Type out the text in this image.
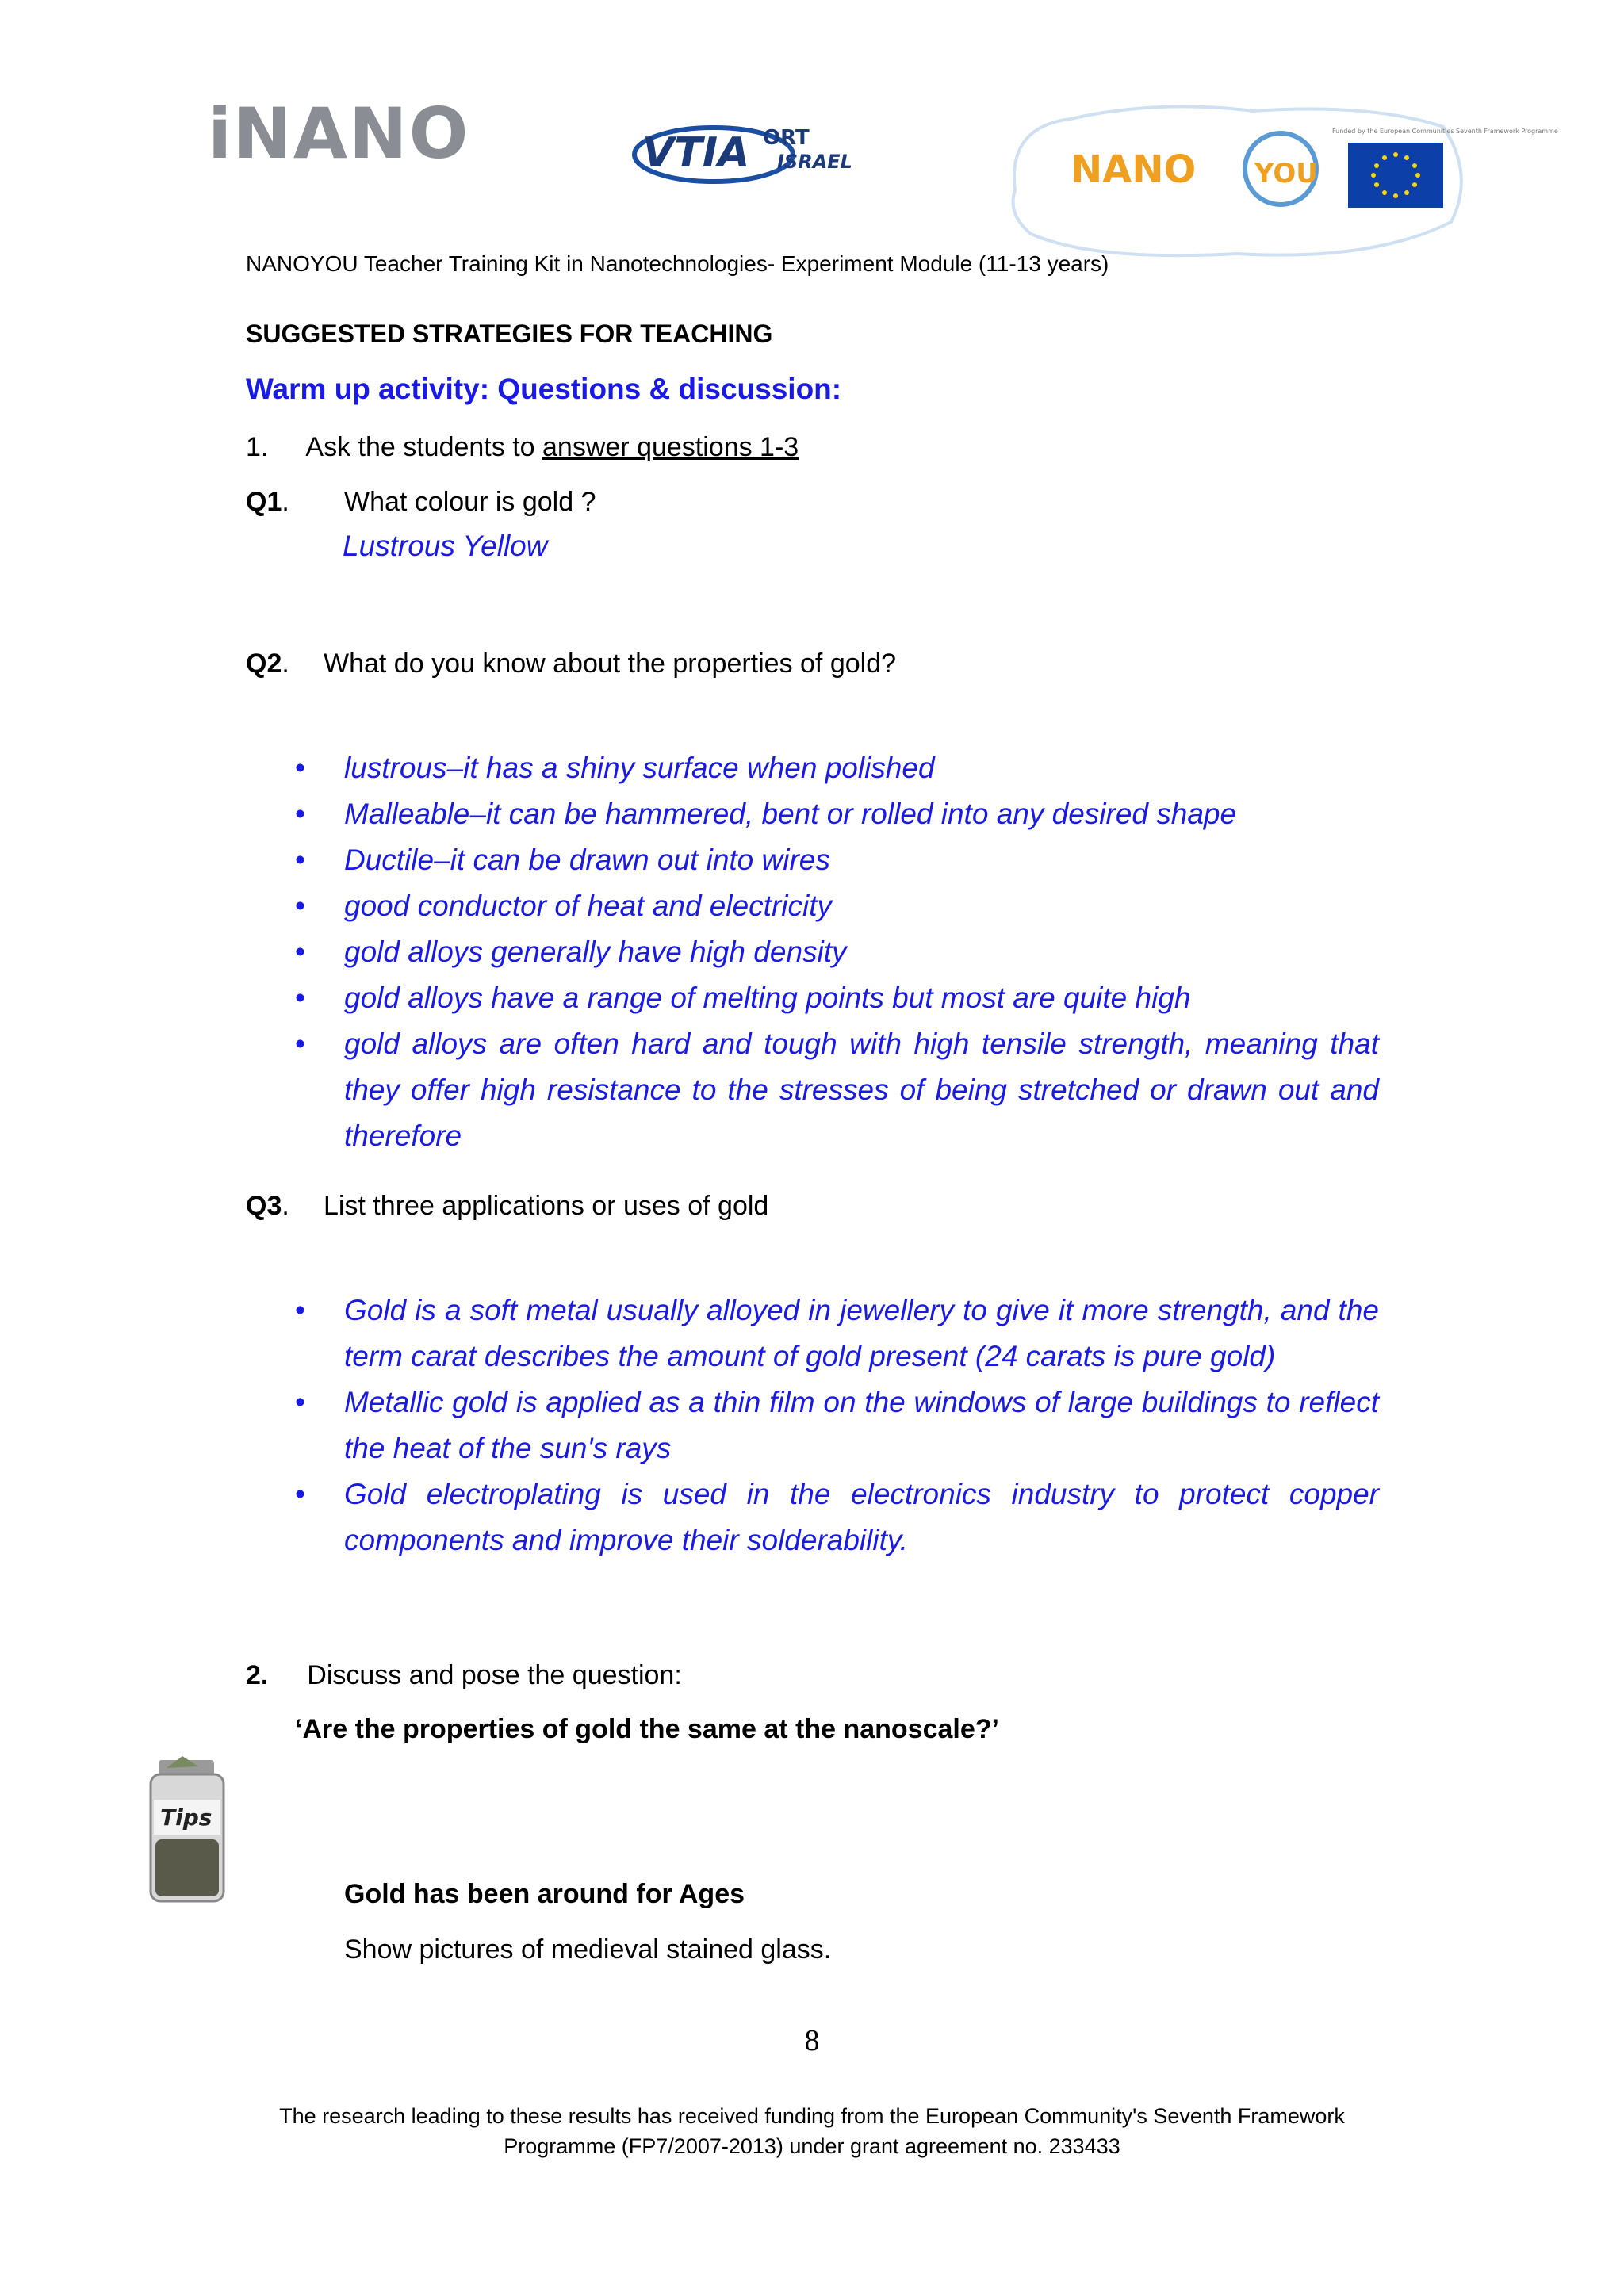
iNANO	VTIA ORT
ISRAEL	NANO YOU
Funded by the European Communities Seventh Framework Programme
NANOYOU Teacher Training Kit in Nanotechnologies- Experiment Module (11-13 years)
SUGGESTED STRATEGIES FOR TEACHING
Warm up activity: Questions & discussion:
1. Ask the students to answer questions 1-3
Q1. What colour is gold ?
Lustrous Yellow
Q2. What do you know about the properties of gold?
• lustrous–it has a shiny surface when polished
• Malleable–it can be hammered, bent or rolled into any desired shape
• Ductile–it can be drawn out into wires
• good conductor of heat and electricity
• gold alloys generally have high density
• gold alloys have a range of melting points but most are quite high
• gold alloys are often hard and tough with high tensile strength, meaning that they offer high resistance to the stresses of being stretched or drawn out and therefore
Q3. List three applications or uses of gold
• Gold is a soft metal usually alloyed in jewellery to give it more strength, and the term carat describes the amount of gold present (24 carats is pure gold)
• Metallic gold is applied as a thin film on the windows of large buildings to reflect the heat of the sun's rays
• Gold electroplating is used in the electronics industry to protect copper components and improve their solderability.
2. Discuss and pose the question:
‘Are the properties of gold the same at the nanoscale?’
Tips
Gold has been around for Ages
Show pictures of medieval stained glass.
8
The research leading to these results has received funding from the European Community's Seventh Framework
Programme (FP7/2007-2013) under grant agreement no. 233433
